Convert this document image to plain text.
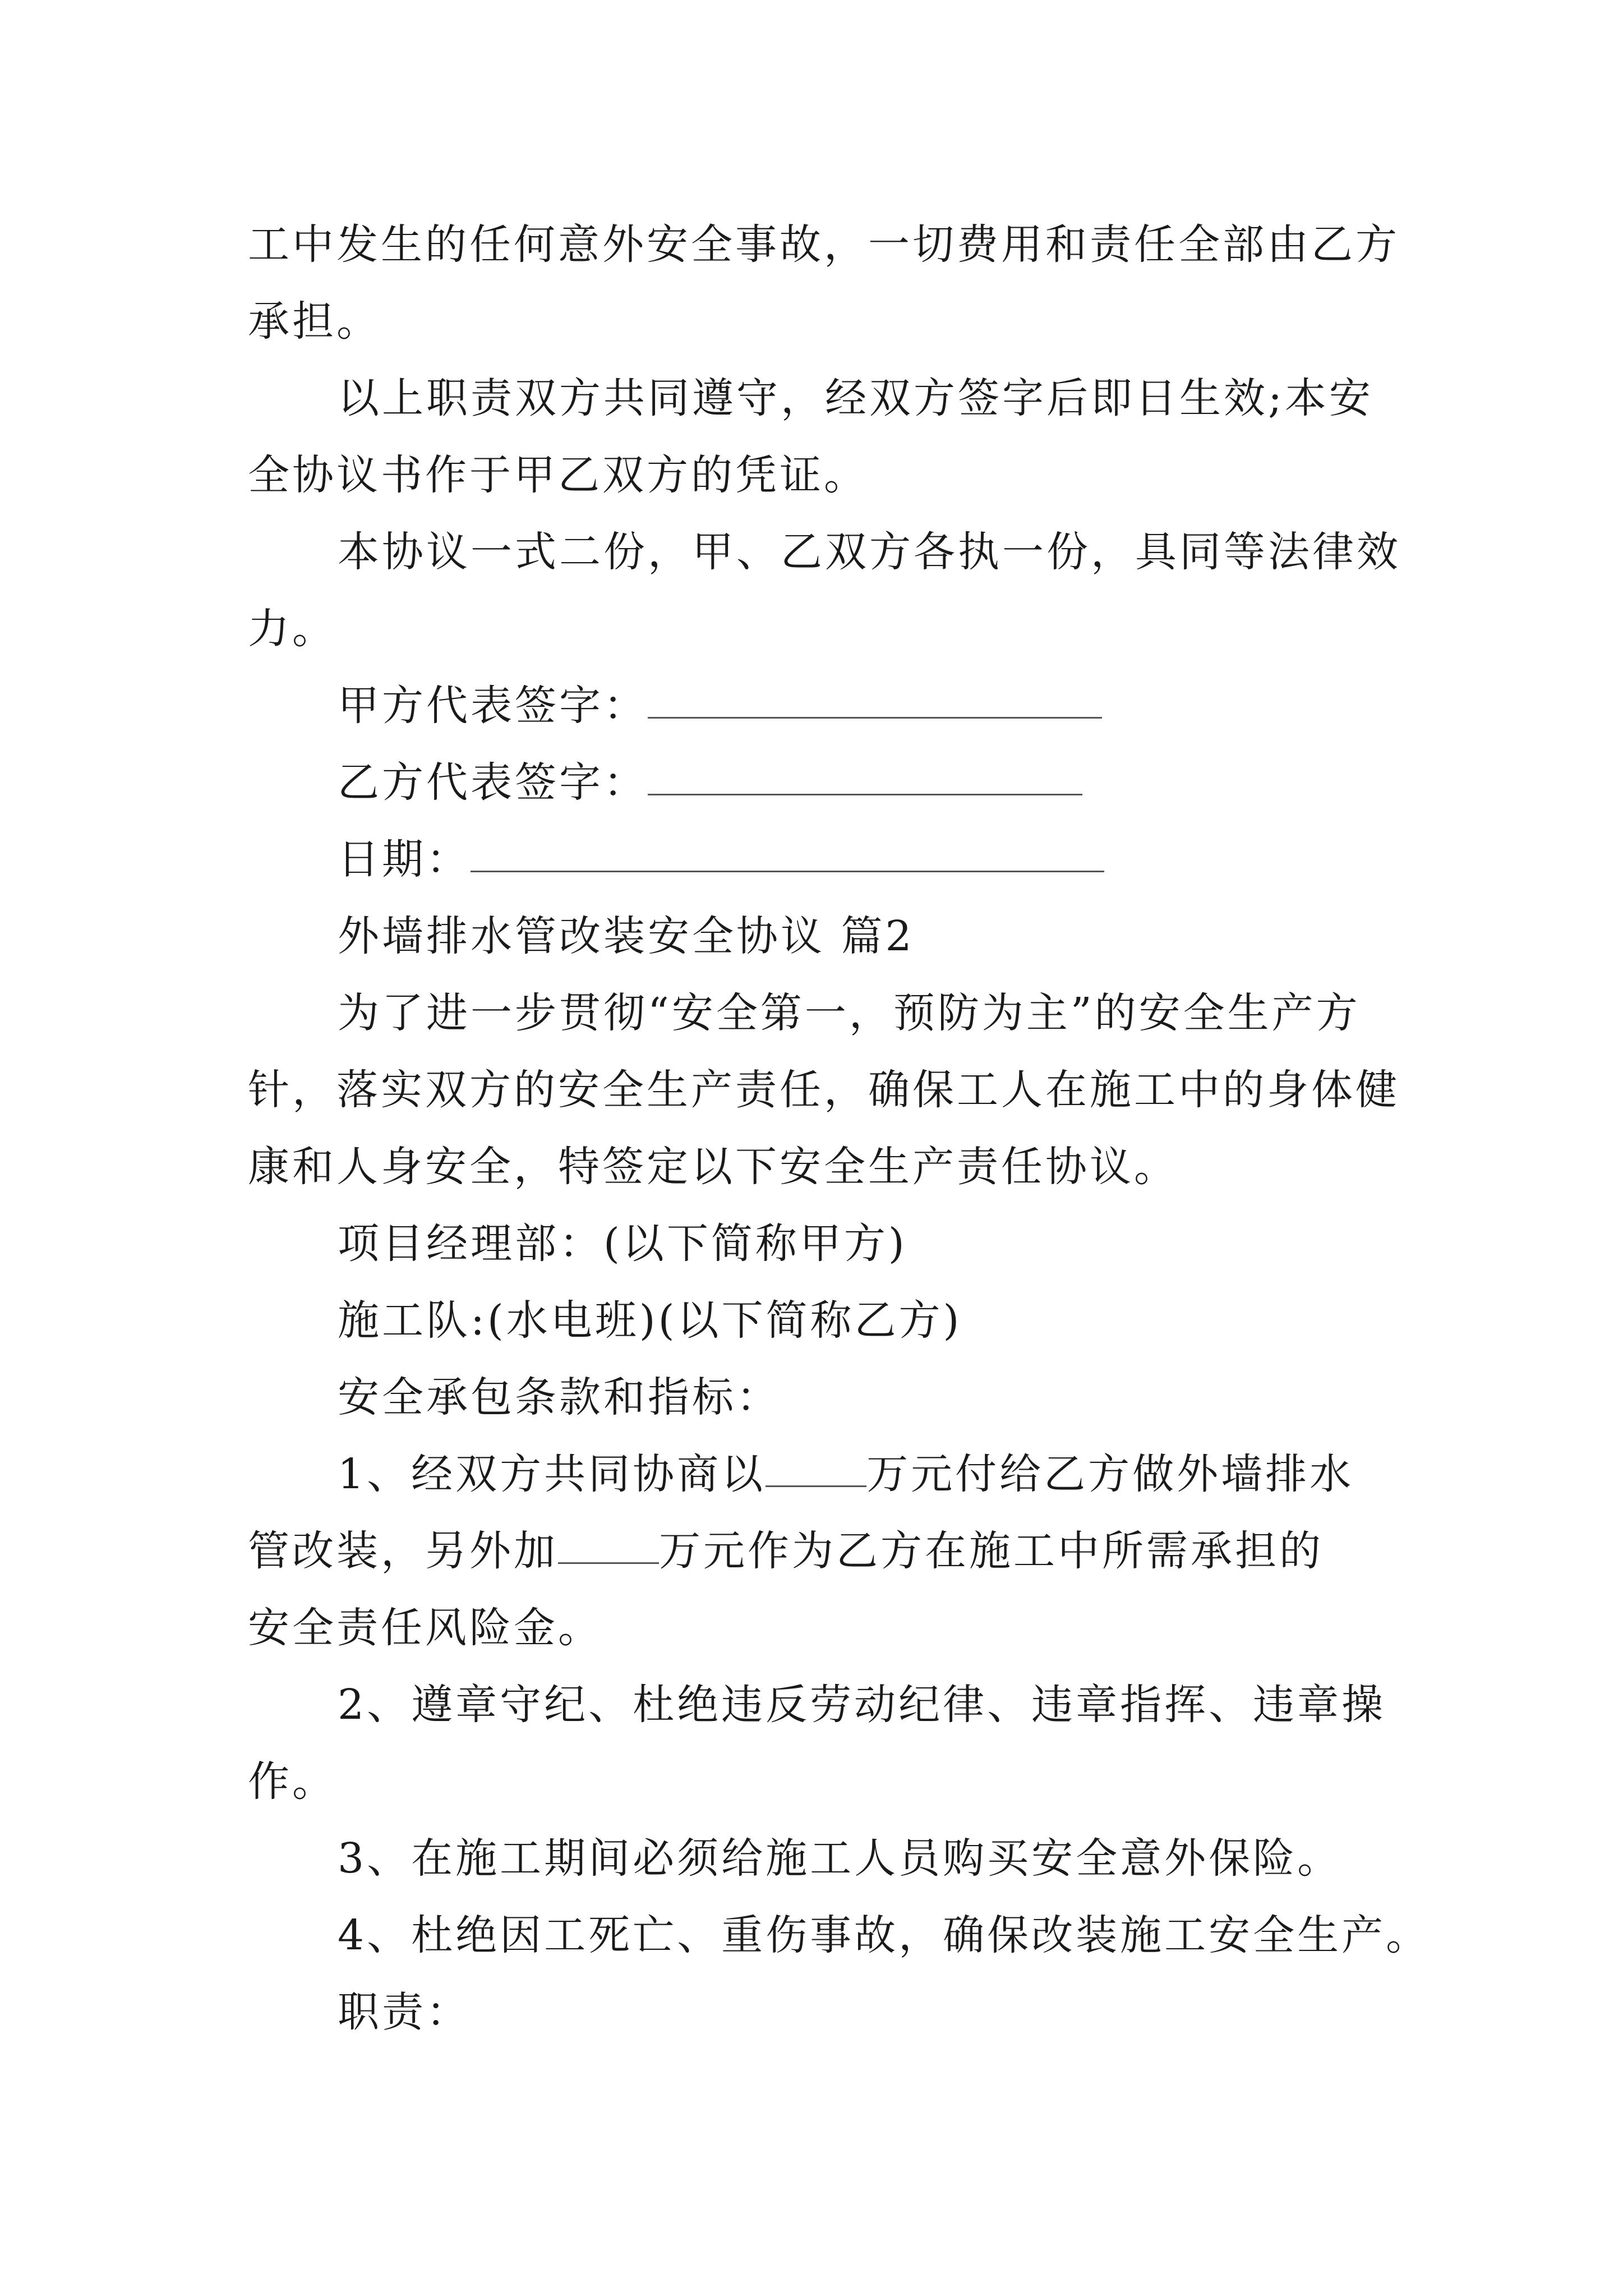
工中发生的任何意外安全事故，一切费用和责任全部由乙方
承担。
以上职责双方共同遵守，经双方签字后即日生效;本安
全协议书作于甲乙双方的凭证。
本协议一式二份，甲、乙双方各执一份，具同等法律效
力。
甲方代表签字：
乙方代表签字：
日期：
外墙排水管改装安全协议 篇2
为了进一步贯彻“安全第一，预防为主”的安全生产方
针，落实双方的安全生产责任，确保工人在施工中的身体健
康和人身安全，特签定以下安全生产责任协议。
项目经理部：(以下简称甲方)
施工队:(水电班)(以下简称乙方)
安全承包条款和指标：
1、经双方共同协商以 万元付给乙方做外墙排水
管改装，另外加 万元作为乙方在施工中所需承担的
安全责任风险金。
2、遵章守纪、杜绝违反劳动纪律、违章指挥、违章操
作。
3、在施工期间必须给施工人员购买安全意外保险。
4、杜绝因工死亡、重伤事故，确保改装施工安全生产。
职责：
